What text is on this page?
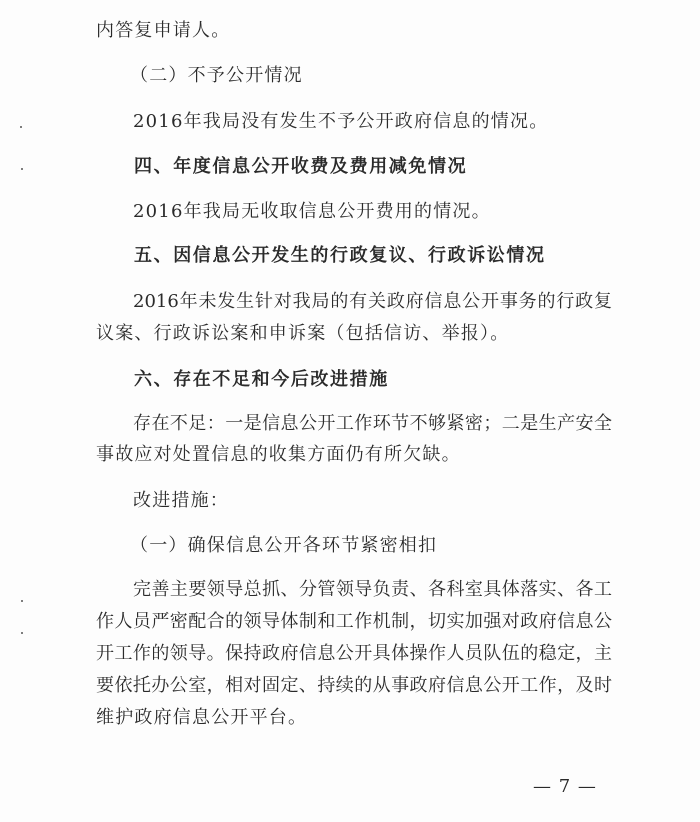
内答复申请人。
（二）不予公开情况
2016年我局没有发生不予公开政府信息的情况。
四、年度信息公开收费及费用减免情况
2016年我局无收取信息公开费用的情况。
五、因信息公开发生的行政复议、行政诉讼情况
2016年未发生针对我局的有关政府信息公开事务的行政复
议案、行政诉讼案和申诉案（包括信访、举报）。
六、存在不足和今后改进措施
存在不足：一是信息公开工作环节不够紧密；二是生产安全
事故应对处置信息的收集方面仍有所欠缺。
改进措施：
（一）确保信息公开各环节紧密相扣
完善主要领导总抓、分管领导负责、各科室具体落实、各工
作人员严密配合的领导体制和工作机制，切实加强对政府信息公
开工作的领导。保持政府信息公开具体操作人员队伍的稳定，主
要依托办公室，相对固定、持续的从事政府信息公开工作，及时
维护政府信息公开平台。
— 7 —
